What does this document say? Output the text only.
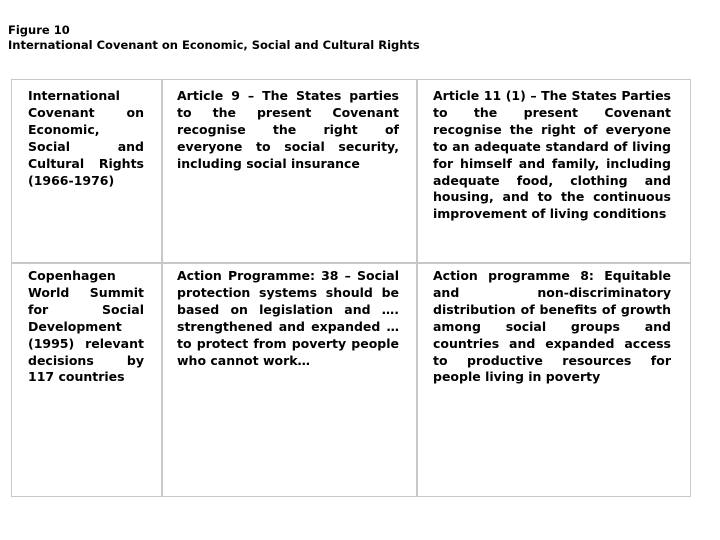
Figure 10
International Covenant on Economic, Social and Cultural Rights
International Covenant on Economic, Social and Cultural Rights (1966-1976)
Article 9 – The States parties to the present Covenant recognise the right of everyone to social security, including social insurance
Article 11 (1) – The States Parties to the present Covenant recognise the right of everyone to an adequate standard of living for himself and family, including adequate food, clothing and housing, and to the continuous improvement of living conditions
Copenhagen World Summit for Social Development (1995) relevant decisions by 117 countries
Action Programme: 38 – Social protection systems should be based on legislation and …. strengthened and expanded … to protect from poverty people who cannot work…
Action programme 8: Equitable and non-discriminatory distribution of benefits of growth among social groups and countries and expanded access to productive resources for people living in poverty
